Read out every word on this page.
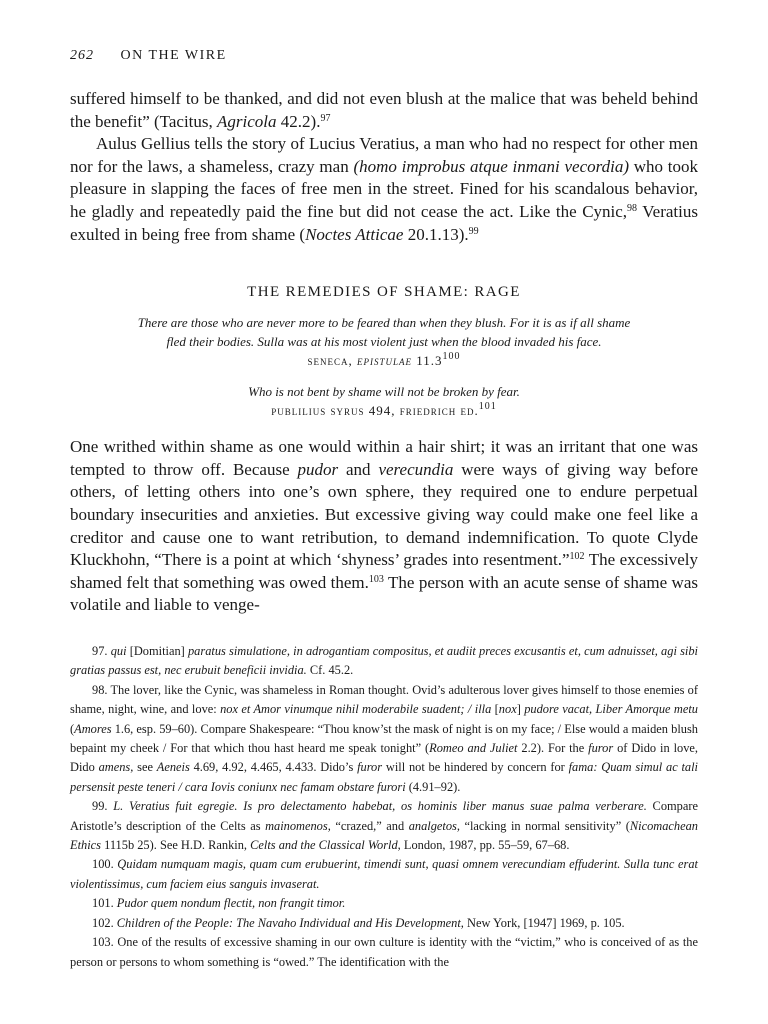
262 ON THE WIRE

suffered himself to be thanked, and did not even blush at the malice that was beheld behind the benefit” (Tacitus, Agricola 42.2).$^{97}$

Aulus Gellius tells the story of Lucius Veratius, a man who had no respect for other men nor for the laws, a shameless, crazy man (homo improbus atque inmani vecordia) who took pleasure in slapping the faces of free men in the street. Fined for his scandalous behavior, he gladly and repeatedly paid the fine but did not cease the act. Like the Cynic,$^{98}$ Veratius exulted in being free from shame (Noctes Atticae 20.1.13).$^{99}$

THE REMEDIES OF SHAME: RAGE
There are those who are never more to be feared than when they blush. For it is as if all shame
fled their bodies. Sulla was at his most violent just when the blood invaded his face.
seneca, epistulae 11.3$^{100}$
Who is not bent by shame will not be broken by fear.
publilius syrus 494, friedrich ed.$^{101}$

One writhed within shame as one would within a hair shirt; it was an irritant that one was tempted to throw off. Because pudor and verecundia were ways of giving way before others, of letting others into one’s own sphere, they required one to endure perpetual boundary insecurities and anxieties. But excessive giving way could make one feel like a creditor and cause one to want retribution, to demand indemnification. To quote Clyde Kluckhohn, “There is a point at which ‘shyness’ grades into resentment.”$^{102}$ The excessively shamed felt that something was owed them.$^{103}$ The person with an acute sense of shame was volatile and liable to venge-

97. qui [Domitian] paratus simulatione, in adrogantiam compositus, et audiit preces excusantis et, cum adnuisset, agi sibi gratias passus est, nec erubuit beneficii invidia. Cf. 45.2.

98. The lover, like the Cynic, was shameless in Roman thought. Ovid’s adulterous lover gives himself to those enemies of shame, night, wine, and love: nox et Amor vinumque nihil moderabile suadent; / illa [nox] pudore vacat, Liber Amorque metu (Amores 1.6, esp. 59–60). Compare Shakespeare: “Thou know’st the mask of night is on my face; / Else would a maiden blush bepaint my cheek / For that which thou hast heard me speak tonight” (Romeo and Juliet 2.2). For the furor of Dido in love, Dido amens, see Aeneis 4.69, 4.92, 4.465, 4.433. Dido’s furor will not be hindered by concern for fama: Quam simul ac tali persensit peste teneri / cara Iovis coniunx nec famam obstare furori (4.91–92).

99. L. Veratius fuit egregie. Is pro delectamento habebat, os hominis liber manus suae palma verberare. Compare Aristotle’s description of the Celts as mainomenos, “crazed,” and analgetos, “lacking in normal sensitivity” (Nicomachean Ethics 1115b 25). See H.D. Rankin, Celts and the Classical World, London, 1987, pp. 55–59, 67–68.

100. Quidam numquam magis, quam cum erubuerint, timendi sunt, quasi omnem verecundiam effuderint. Sulla tunc erat violentissimus, cum faciem eius sanguis invaserat.

101. Pudor quem nondum flectit, non frangit timor.

102. Children of the People: The Navaho Individual and His Development, New York, [1947] 1969, p. 105.

103. One of the results of excessive shaming in our own culture is identity with the “victim,” who is conceived of as the person or persons to whom something is “owed.” The identification with the
